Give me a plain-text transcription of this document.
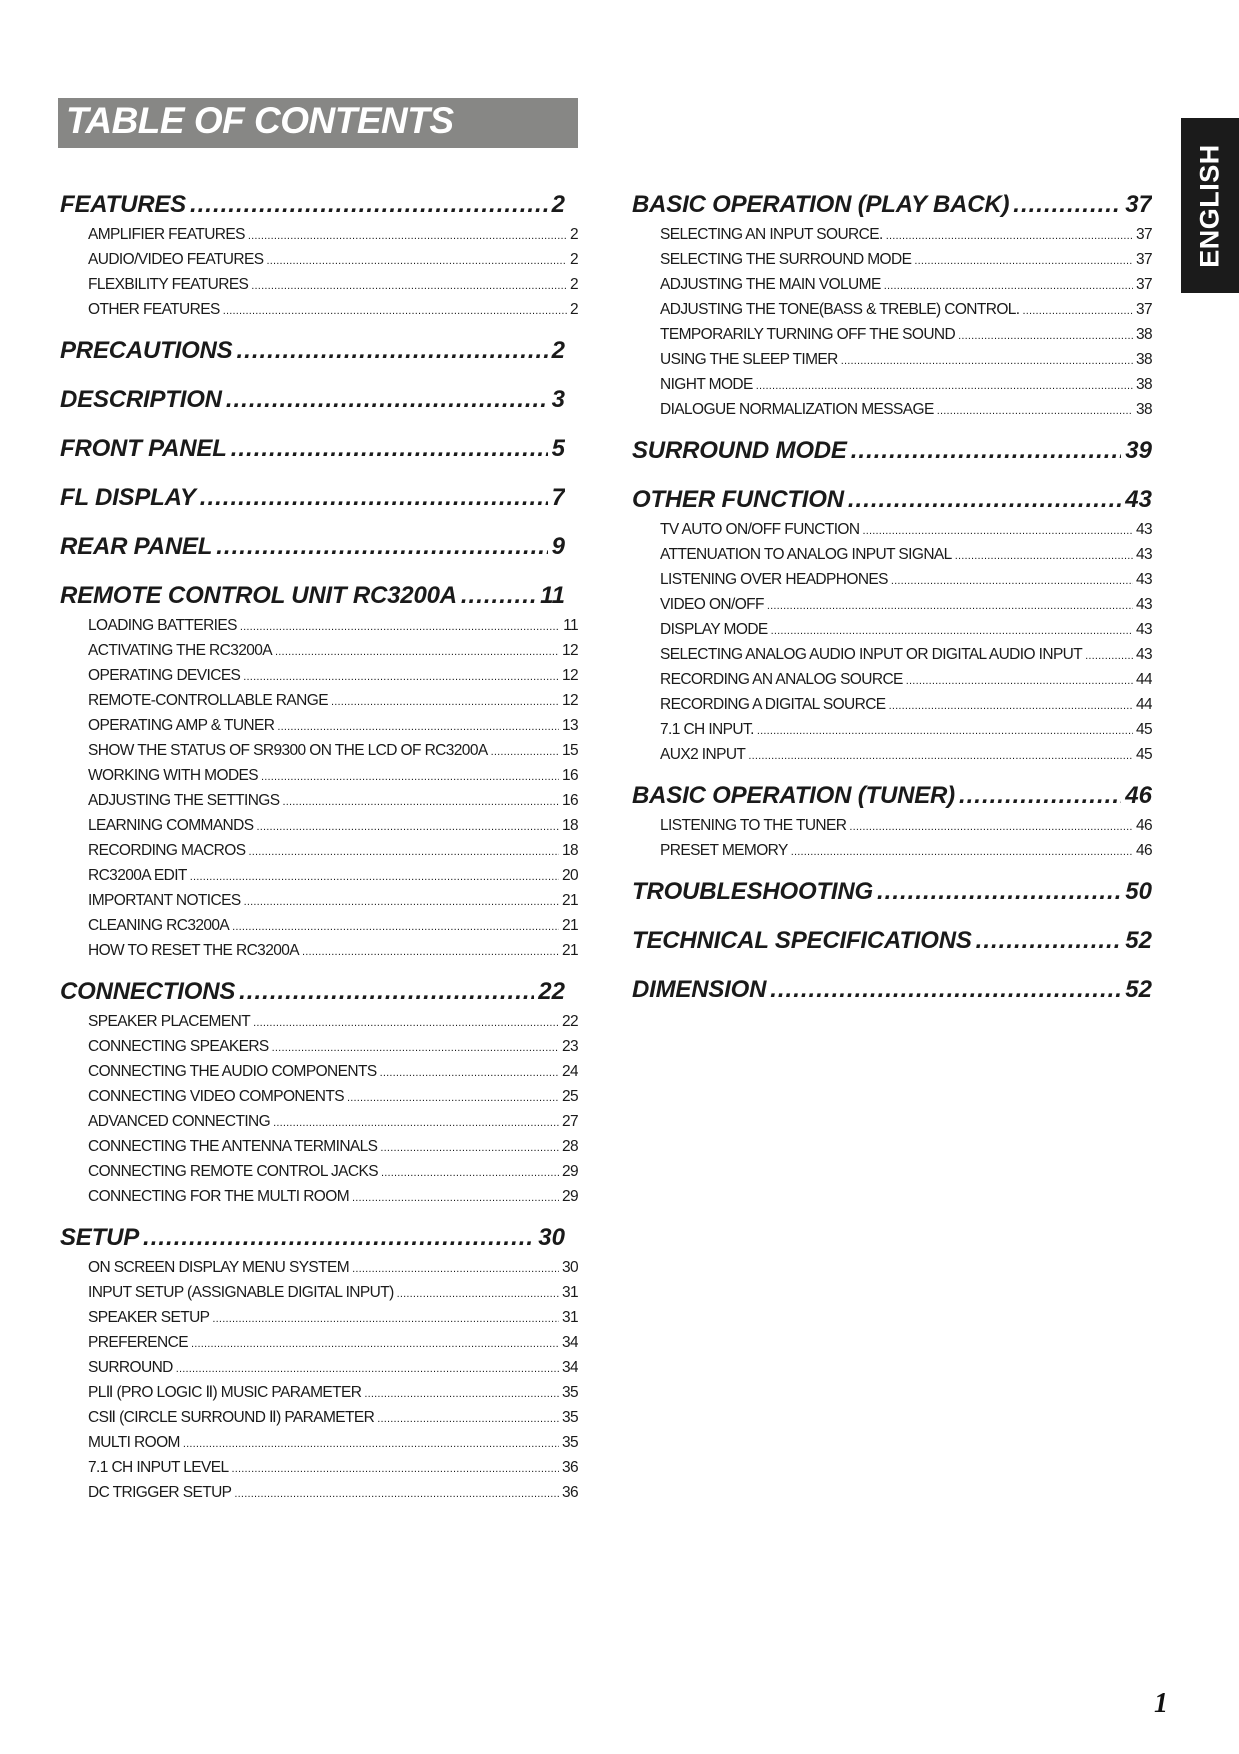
TABLE OF CONTENTS
ENGLISH
FEATURES .....	2
AMPLIFIER FEATURES .....	2
AUDIO/VIDEO FEATURES .....	2
FLEXBILITY FEATURES .....	2
OTHER FEATURES .....	2
PRECAUTIONS .....	2
DESCRIPTION .....	3
FRONT PANEL .....	5
FL DISPLAY .....	7
REAR PANEL .....	9
REMOTE CONTROL UNIT RC3200A .....	11
LOADING BATTERIES .....	11
ACTIVATING THE RC3200A .....	12
OPERATING DEVICES .....	12
REMOTE-CONTROLLABLE RANGE .....	12
OPERATING AMP & TUNER .....	13
SHOW THE STATUS OF SR9300 ON THE LCD OF RC3200A .....	15
WORKING WITH MODES .....	16
ADJUSTING THE SETTINGS .....	16
LEARNING COMMANDS .....	18
RECORDING MACROS .....	18
RC3200A EDIT .....	20
IMPORTANT NOTICES .....	21
CLEANING RC3200A .....	21
HOW TO RESET THE RC3200A .....	21
CONNECTIONS .....	22
SPEAKER PLACEMENT .....	22
CONNECTING SPEAKERS .....	23
CONNECTING THE AUDIO COMPONENTS .....	24
CONNECTING VIDEO COMPONENTS .....	25
ADVANCED CONNECTING .....	27
CONNECTING THE ANTENNA TERMINALS .....	28
CONNECTING REMOTE CONTROL JACKS .....	29
CONNECTING FOR THE MULTI ROOM .....	29
SETUP .....	30
ON SCREEN DISPLAY MENU SYSTEM .....	30
INPUT SETUP (ASSIGNABLE DIGITAL INPUT) .....	31
SPEAKER SETUP .....	31
PREFERENCE .....	34
SURROUND .....	34
PLⅡ (PRO LOGIC Ⅱ) MUSIC PARAMETER .....	35
CSⅡ (CIRCLE SURROUND Ⅱ) PARAMETER .....	35
MULTI ROOM .....	35
7.1 CH INPUT LEVEL .....	36
DC TRIGGER SETUP .....	36
BASIC OPERATION (PLAY BACK) .....	37
SELECTING AN INPUT SOURCE. .....	37
SELECTING THE SURROUND MODE .....	37
ADJUSTING THE MAIN VOLUME .....	37
ADJUSTING THE TONE(BASS & TREBLE) CONTROL. .....	37
TEMPORARILY TURNING OFF THE SOUND .....	38
USING THE SLEEP TIMER .....	38
NIGHT MODE .....	38
DIALOGUE NORMALIZATION MESSAGE .....	38
SURROUND MODE .....	39
OTHER FUNCTION .....	43
TV AUTO ON/OFF FUNCTION .....	43
ATTENUATION TO ANALOG INPUT SIGNAL .....	43
LISTENING OVER HEADPHONES .....	43
VIDEO ON/OFF .....	43
DISPLAY MODE .....	43
SELECTING ANALOG AUDIO INPUT OR DIGITAL AUDIO INPUT .....	43
RECORDING AN ANALOG SOURCE .....	44
RECORDING A DIGITAL SOURCE .....	44
7.1 CH INPUT. .....	45
AUX2 INPUT .....	45
BASIC OPERATION (TUNER) .....	46
LISTENING TO THE TUNER .....	46
PRESET MEMORY .....	46
TROUBLESHOOTING .....	50
TECHNICAL SPECIFICATIONS .....	52
DIMENSION .....	52
1
